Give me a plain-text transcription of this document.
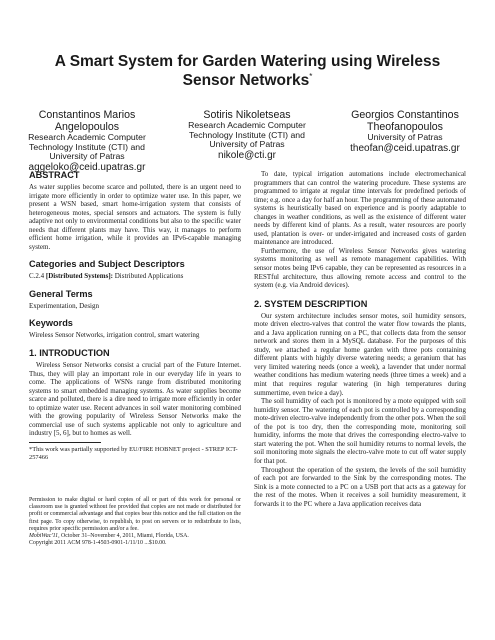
A Smart System for Garden Watering using Wireless
Sensor Networks*
Constantinos Marios
Angelopoulos
Research Academic Computer
Technology Institute (CTI) and
University of Patras
aggeloko@ceid.upatras.gr
Sotiris Nikoletseas
Research Academic Computer
Technology Institute (CTI) and
University of Patras
nikole@cti.gr
Georgios Constantinos
Theofanopoulos
University of Patras
theofan@ceid.upatras.gr
ABSTRACT

As water supplies become scarce and polluted, there is an urgent need to irrigate more efficiently in order to optimize water use. In this paper, we present a WSN based, smart home-irrigation system that consists of heterogeneous motes, special sensors and actuators. The system is fully adaptive not only to environmental conditions but also to the specific water needs that different plants may have. This way, it manages to perform efficient home irrigation, while it provides an IPv6-capable managing system.

Categories and Subject Descriptors

C.2.4 [Distributed Systems]: Distributed Applications

General Terms

Experimentation, Design

Keywords

Wireless Sensor Networks, irrigation control, smart watering

1. INTRODUCTION

Wireless Sensor Networks consist a crucial part of the Future Internet. Thus, they will play an important role in our everyday life in years to come. The applications of WSNs range from distributed monitoring systems to smart embedded managing systems. As water supplies become scarce and polluted, there is a dire need to irrigate more efficiently in order to optimize water use. Recent advances in soil water monitoring combined with the growing popularity of Wireless Sensor Networks make the commercial use of such systems applicable not only to agriculture and industry [5, 6], but to homes as well.

*This work was partially supported by EU/FIRE HOBNET project - STREP ICT-257466

Permission to make digital or hard copies of all or part of this work for personal or classroom use is granted without fee provided that copies are not made or distributed for profit or commercial advantage and that copies bear this notice and the full citation on the first page. To copy otherwise, to republish, to post on servers or to redistribute to lists, requires prior specific permission and/or a fee.

MobiWac'11, October 31–November 4, 2011, Miami, Florida, USA.

Copyright 2011 ACM 978-1-4503-0901-1/11/10 ...$10.00.

To date, typical irrigation automations include electromechanical programmers that can control the watering procedure. These systems are programmed to irrigate at regular time intervals for predefined periods of time; e.g. once a day for half an hour. The programming of these automated systems is heuristically based on experience and is poorly adaptable to changes in weather conditions, as well as the existence of different water needs by different kind of plants. As a result, water resources are poorly used, plantation is over- or under-irrigated and increased costs of garden maintenance are introduced.

Furthermore, the use of Wireless Sensor Networks gives watering systems monitoring as well as remote management capabilities. With sensor motes being IPv6 capable, they can be represented as resources in a RESTful architecture, thus allowing remote access and control to the system (e.g. via Android devices).

2. SYSTEM DESCRIPTION

Our system architecture includes sensor motes, soil humidity sensors, mote driven electro-valves that control the water flow towards the plants, and a Java application running on a PC, that collects data from the sensor network and stores them in a MySQL database. For the purposes of this study, we attached a regular home garden with three pots containing different plants with highly diverse watering needs; a geranium that has very limited watering needs (once a week), a lavender that under normal weather conditions has medium watering needs (three times a week) and a mint that requires regular watering (in high temperatures during summertime, even twice a day).

The soil humidity of each pot is monitored by a mote equipped with soil humidity sensor. The watering of each pot is controlled by a corresponding mote-driven electro-valve independently from the other pots. When the soil of the pot is too dry, then the corresponding mote, monitoring soil humidity, informs the mote that drives the corresponding electro-valve to start watering the pot. When the soil humidity returns to normal levels, the soil monitoring mote signals the electro-valve mote to cut off water supply for that pot.

Throughout the operation of the system, the levels of the soil humidity of each pot are forwarded to the Sink by the corresponding motes. The Sink is a mote connected to a PC on a USB port that acts as a gateway for the rest of the motes. When it receives a soil humidity measurement, it forwards it to the PC where a Java application receives data
